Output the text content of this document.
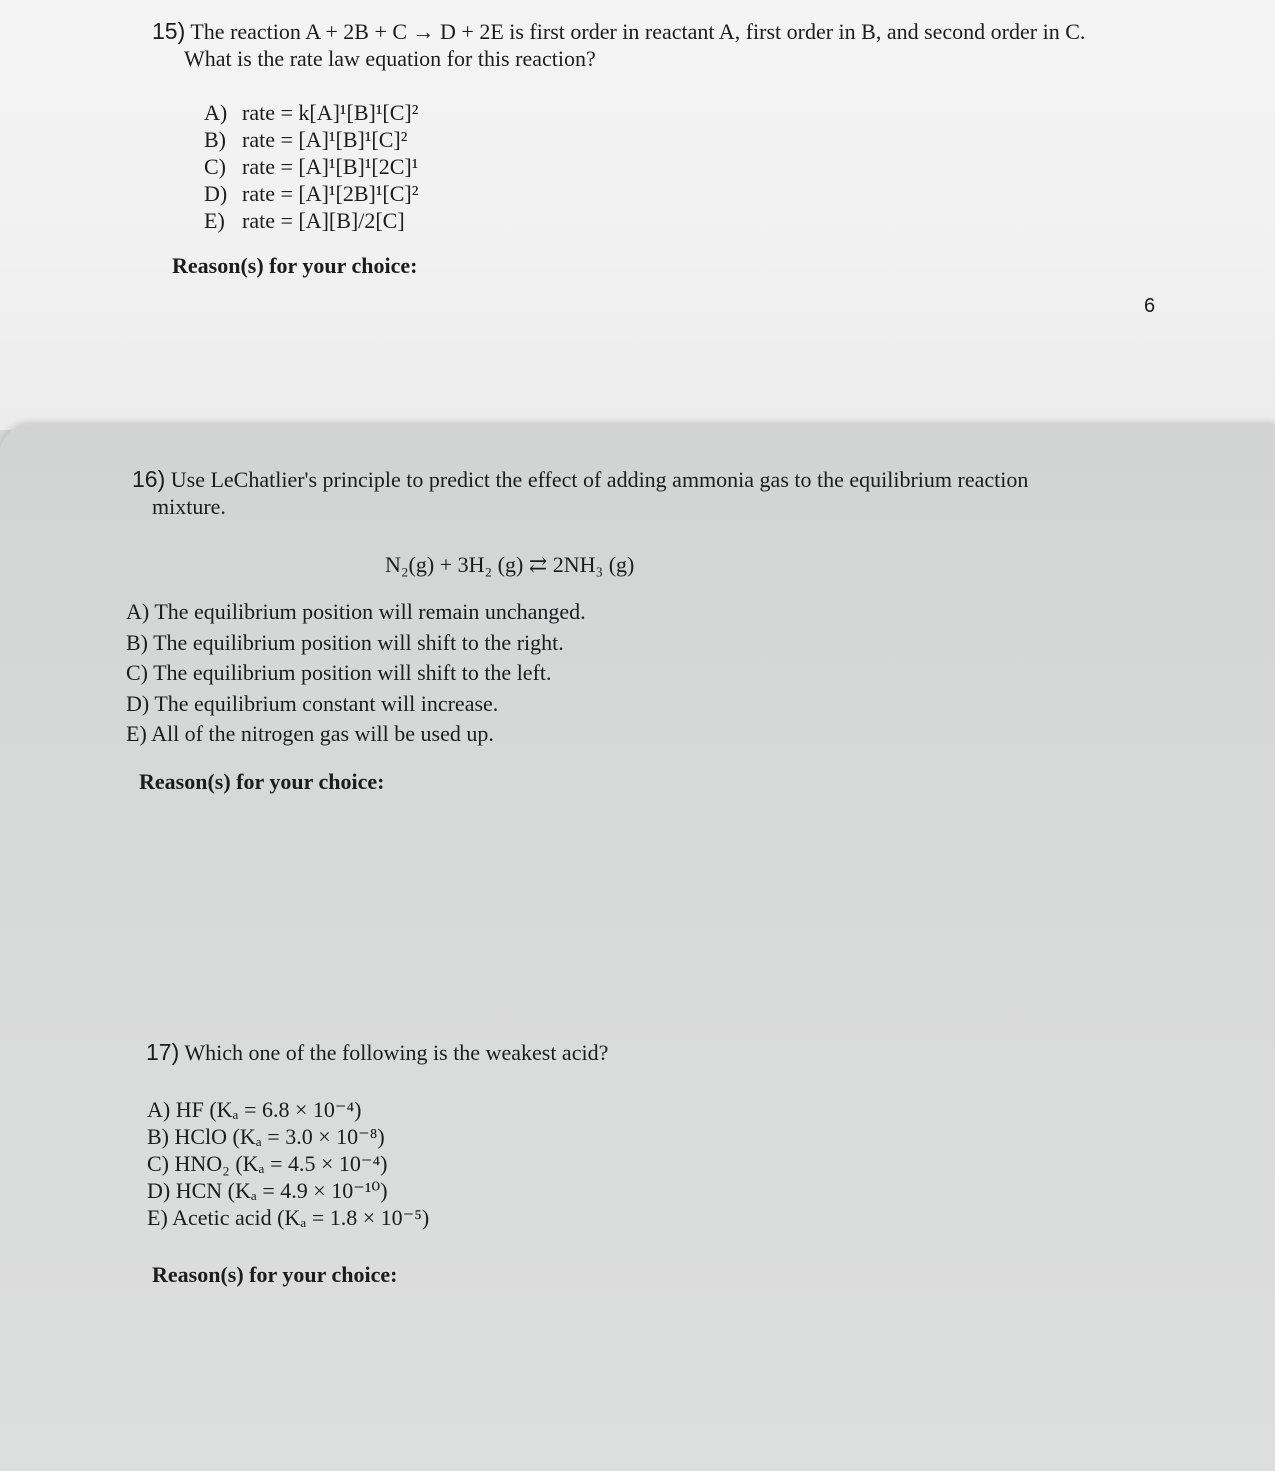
15) The reaction A + 2B + C → D + 2E is first order in reactant A, first order in B, and second order in C.
What is the rate law equation for this reaction?
A) rate = k[A]¹[B]¹[C]²
B) rate = [A]¹[B]¹[C]²
C) rate = [A]¹[B]¹[2C]¹
D) rate = [A]¹[2B]¹[C]²
E) rate = [A][B]/2[C]
Reason(s) for your choice:
6
16) Use LeChatlier's principle to predict the effect of adding ammonia gas to the equilibrium reaction
mixture.
N₂(g) + 3H₂ (g) ⇄ 2NH₃ (g)
A) The equilibrium position will remain unchanged.
B) The equilibrium position will shift to the right.
C) The equilibrium position will shift to the left.
D) The equilibrium constant will increase.
E) All of the nitrogen gas will be used up.
Reason(s) for your choice:
17) Which one of the following is the weakest acid?
A) HF (Kₐ = 6.8 × 10⁻⁴)
B) HClO (Kₐ = 3.0 × 10⁻⁸)
C) HNO₂ (Kₐ = 4.5 × 10⁻⁴)
D) HCN (Kₐ = 4.9 × 10⁻¹⁰)
E) Acetic acid (Kₐ = 1.8 × 10⁻⁵)
Reason(s) for your choice:
